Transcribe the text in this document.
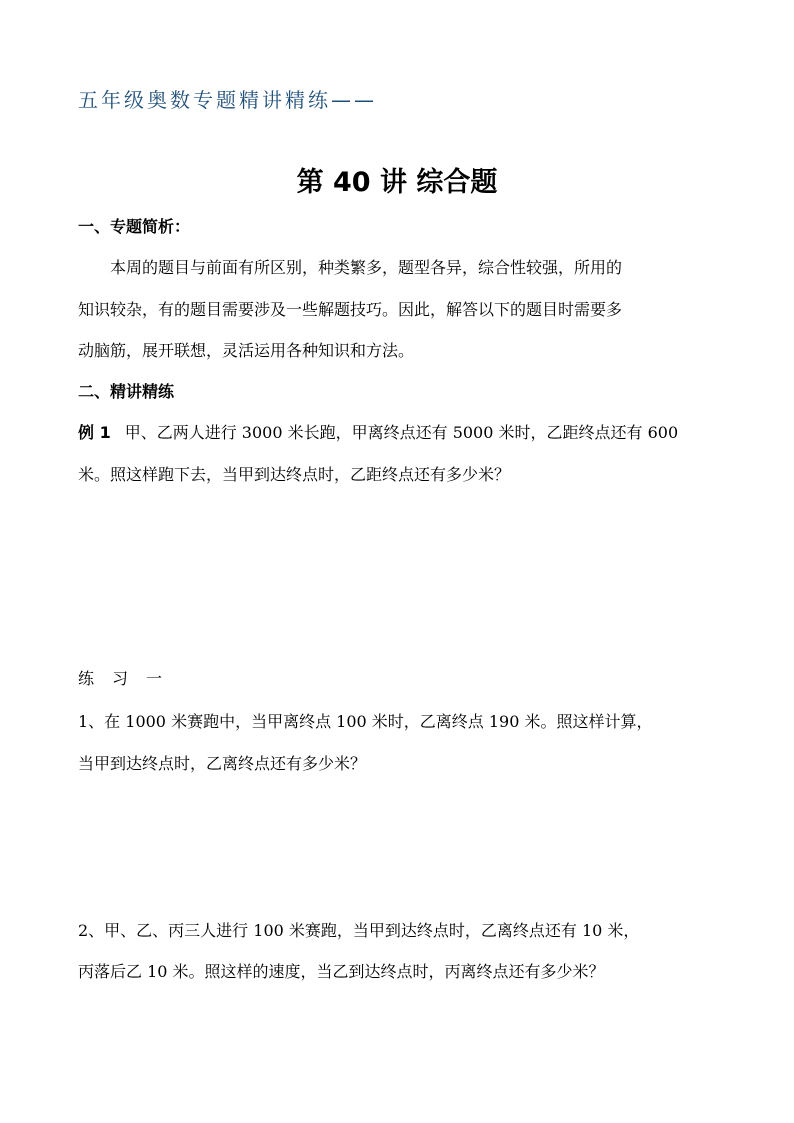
五年级奥数专题精讲精练——
第 40 讲 综合题
一、专题简析：
本周的题目与前面有所区别，种类繁多，题型各异，综合性较强，所用的
知识较杂，有的题目需要涉及一些解题技巧。因此，解答以下的题目时需要多
动脑筋，展开联想，灵活运用各种知识和方法。
二、精讲精练
例 1 甲、乙两人进行 3000 米长跑，甲离终点还有 5000 米时，乙距终点还有 600
米。照这样跑下去，当甲到达终点时，乙距终点还有多少米？
练习一
1、在 1000 米赛跑中，当甲离终点 100 米时，乙离终点 190 米。照这样计算，
当甲到达终点时，乙离终点还有多少米？
2、甲、乙、丙三人进行 100 米赛跑，当甲到达终点时，乙离终点还有 10 米，
丙落后乙 10 米。照这样的速度，当乙到达终点时，丙离终点还有多少米？
